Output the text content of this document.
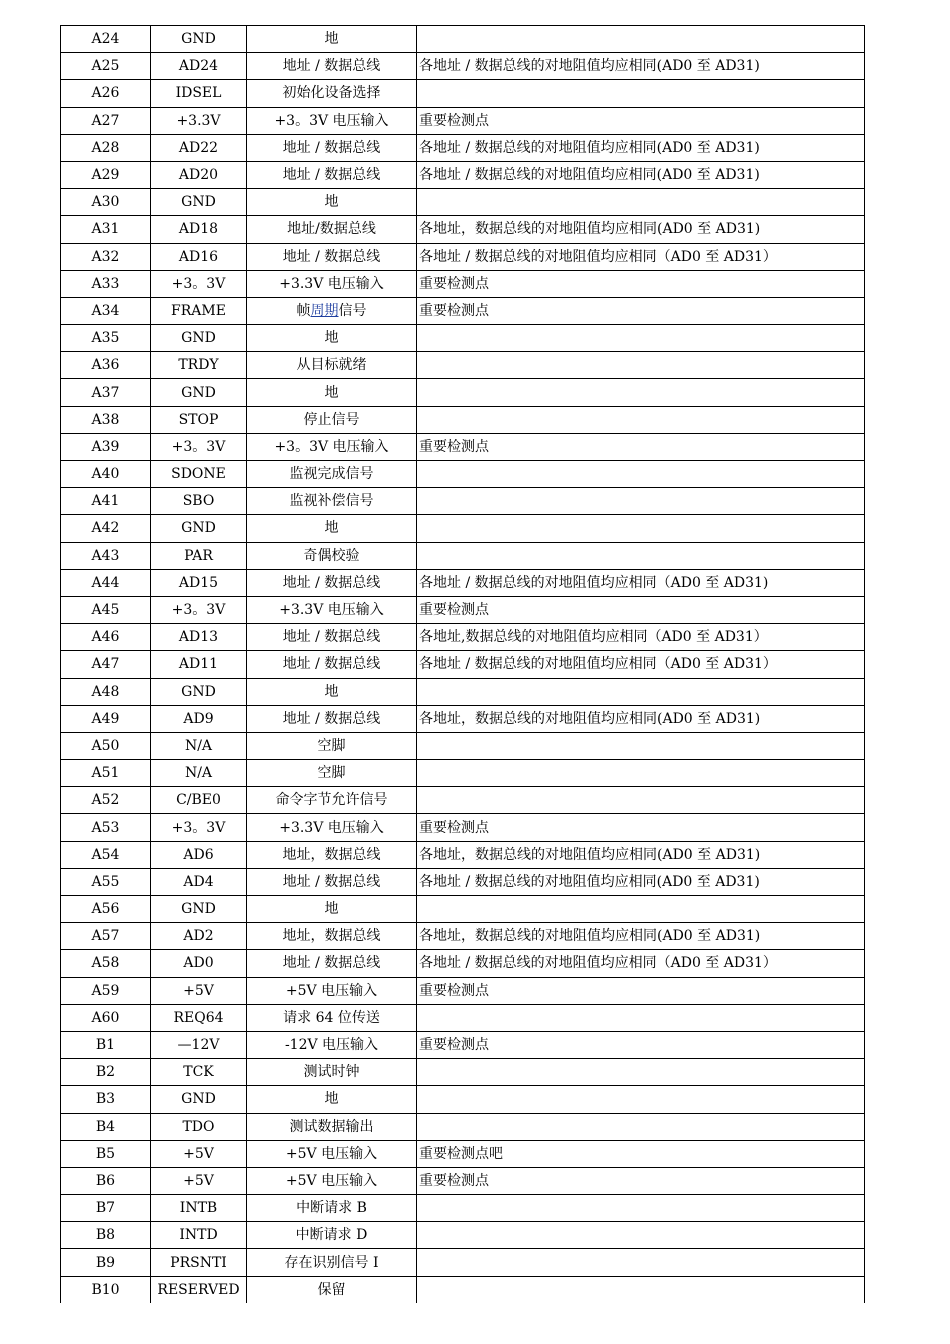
A24	GND	地	
A25	AD24	地址 / 数据总线	各地址 / 数据总线的对地阻值均应相同(AD0 至 AD31)
A26	IDSEL	初始化设备选择	
A27	+3.3V	+3。3V 电压输入	重要检测点
A28	AD22	地址 / 数据总线	各地址 / 数据总线的对地阻值均应相同(AD0 至 AD31)
A29	AD20	地址 / 数据总线	各地址 / 数据总线的对地阻值均应相同(AD0 至 AD31)
A30	GND	地	
A31	AD18	地址/数据总线	各地址，数据总线的对地阻值均应相同(AD0 至 AD31)
A32	AD16	地址 / 数据总线	各地址 / 数据总线的对地阻值均应相同（AD0 至 AD31）
A33	+3。3V	+3.3V 电压输入	重要检测点
A34	FRAME	帧周期信号	重要检测点
A35	GND	地	
A36	TRDY	从目标就绪	
A37	GND	地	
A38	STOP	停止信号	
A39	+3。3V	+3。3V 电压输入	重要检测点
A40	SDONE	监视完成信号	
A41	SBO	监视补偿信号	
A42	GND	地	
A43	PAR	奇偶校验	
A44	AD15	地址 / 数据总线	各地址 / 数据总线的对地阻值均应相同（AD0 至 AD31)
A45	+3。3V	+3.3V 电压输入	重要检测点
A46	AD13	地址 / 数据总线	各地址,数据总线的对地阻值均应相同（AD0 至 AD31）
A47	AD11	地址 / 数据总线	各地址 / 数据总线的对地阻值均应相同（AD0 至 AD31）
A48	GND	地	
A49	AD9	地址 / 数据总线	各地址，数据总线的对地阻值均应相同(AD0 至 AD31)
A50	N/A	空脚	
A51	N/A	空脚	
A52	C/BE0	命令字节允许信号	
A53	+3。3V	+3.3V 电压输入	重要检测点
A54	AD6	地址，数据总线	各地址，数据总线的对地阻值均应相同(AD0 至 AD31)
A55	AD4	地址 / 数据总线	各地址 / 数据总线的对地阻值均应相同(AD0 至 AD31)
A56	GND	地	
A57	AD2	地址，数据总线	各地址，数据总线的对地阻值均应相同(AD0 至 AD31)
A58	AD0	地址 / 数据总线	各地址 / 数据总线的对地阻值均应相同（AD0 至 AD31）
A59	+5V	+5V 电压输入	重要检测点
A60	REQ64	请求 64 位传送	
B1	—12V	-12V 电压输入	重要检测点
B2	TCK	测试时钟	
B3	GND	地	
B4	TDO	测试数据输出	
B5	+5V	+5V 电压输入	重要检测点吧
B6	+5V	+5V 电压输入	重要检测点
B7	INTB	中断请求 B	
B8	INTD	中断请求 D	
B9	PRSNTI	存在识别信号 I	
B10	RESERVED	保留	
